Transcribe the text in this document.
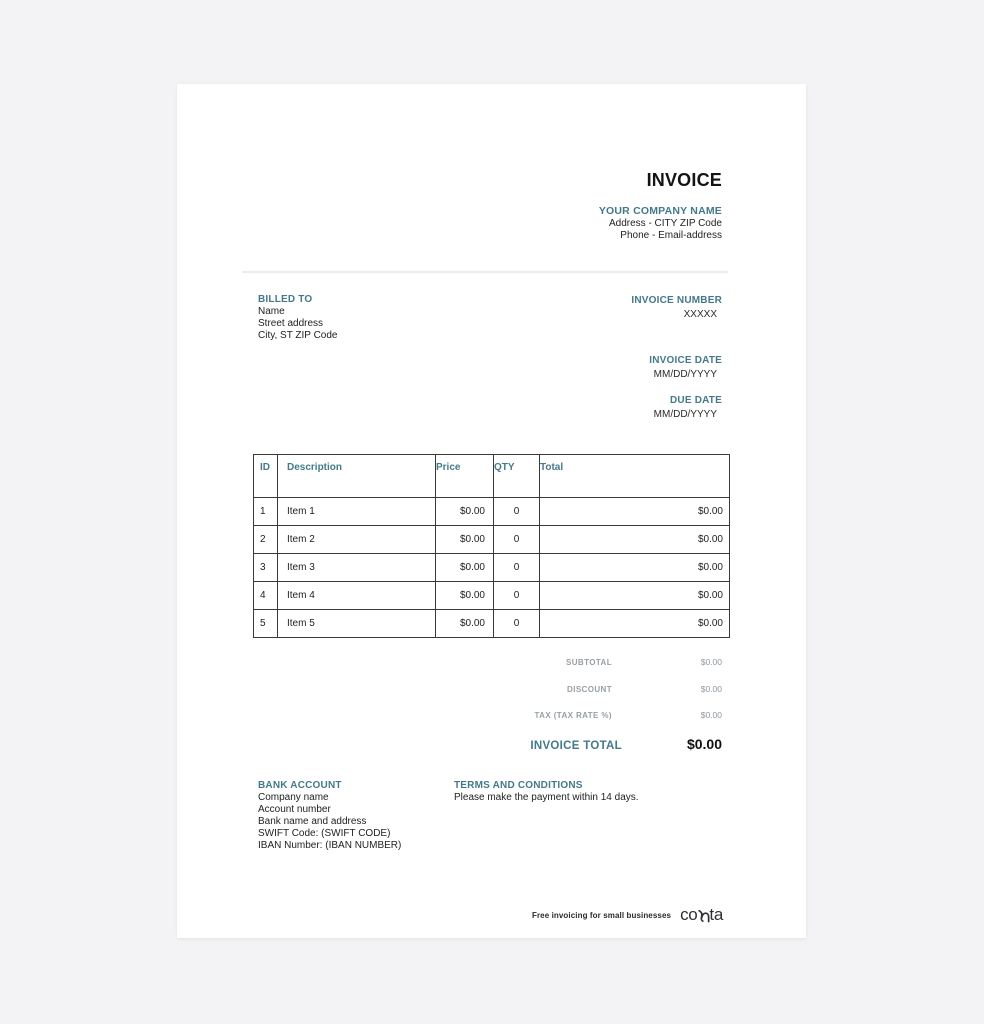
INVOICE
YOUR COMPANY NAME
Address - CITY ZIP Code
Phone - Email-address
BILLED TO
Name
Street address
City, ST ZIP Code
INVOICE NUMBER
XXXXX
INVOICE DATE
MM/DD/YYYY
DUE DATE
MM/DD/YYYY
ID	Description	Price	QTY	Total
1	Item 1	$0.00	0	$0.00
2	Item 2	$0.00	0	$0.00
3	Item 3	$0.00	0	$0.00
4	Item 4	$0.00	0	$0.00
5	Item 5	$0.00	0	$0.00
SUBTOTAL	$0.00
DISCOUNT	$0.00
TAX (TAX RATE %)	$0.00
INVOICE TOTAL	$0.00
BANK ACCOUNT
Company name
Account number
Bank name and address
SWIFT Code: (SWIFT CODE)
IBAN Number: (IBAN NUMBER)
TERMS AND CONDITIONS
Please make the payment within 14 days.
Free invoicing for small businesses co ta
